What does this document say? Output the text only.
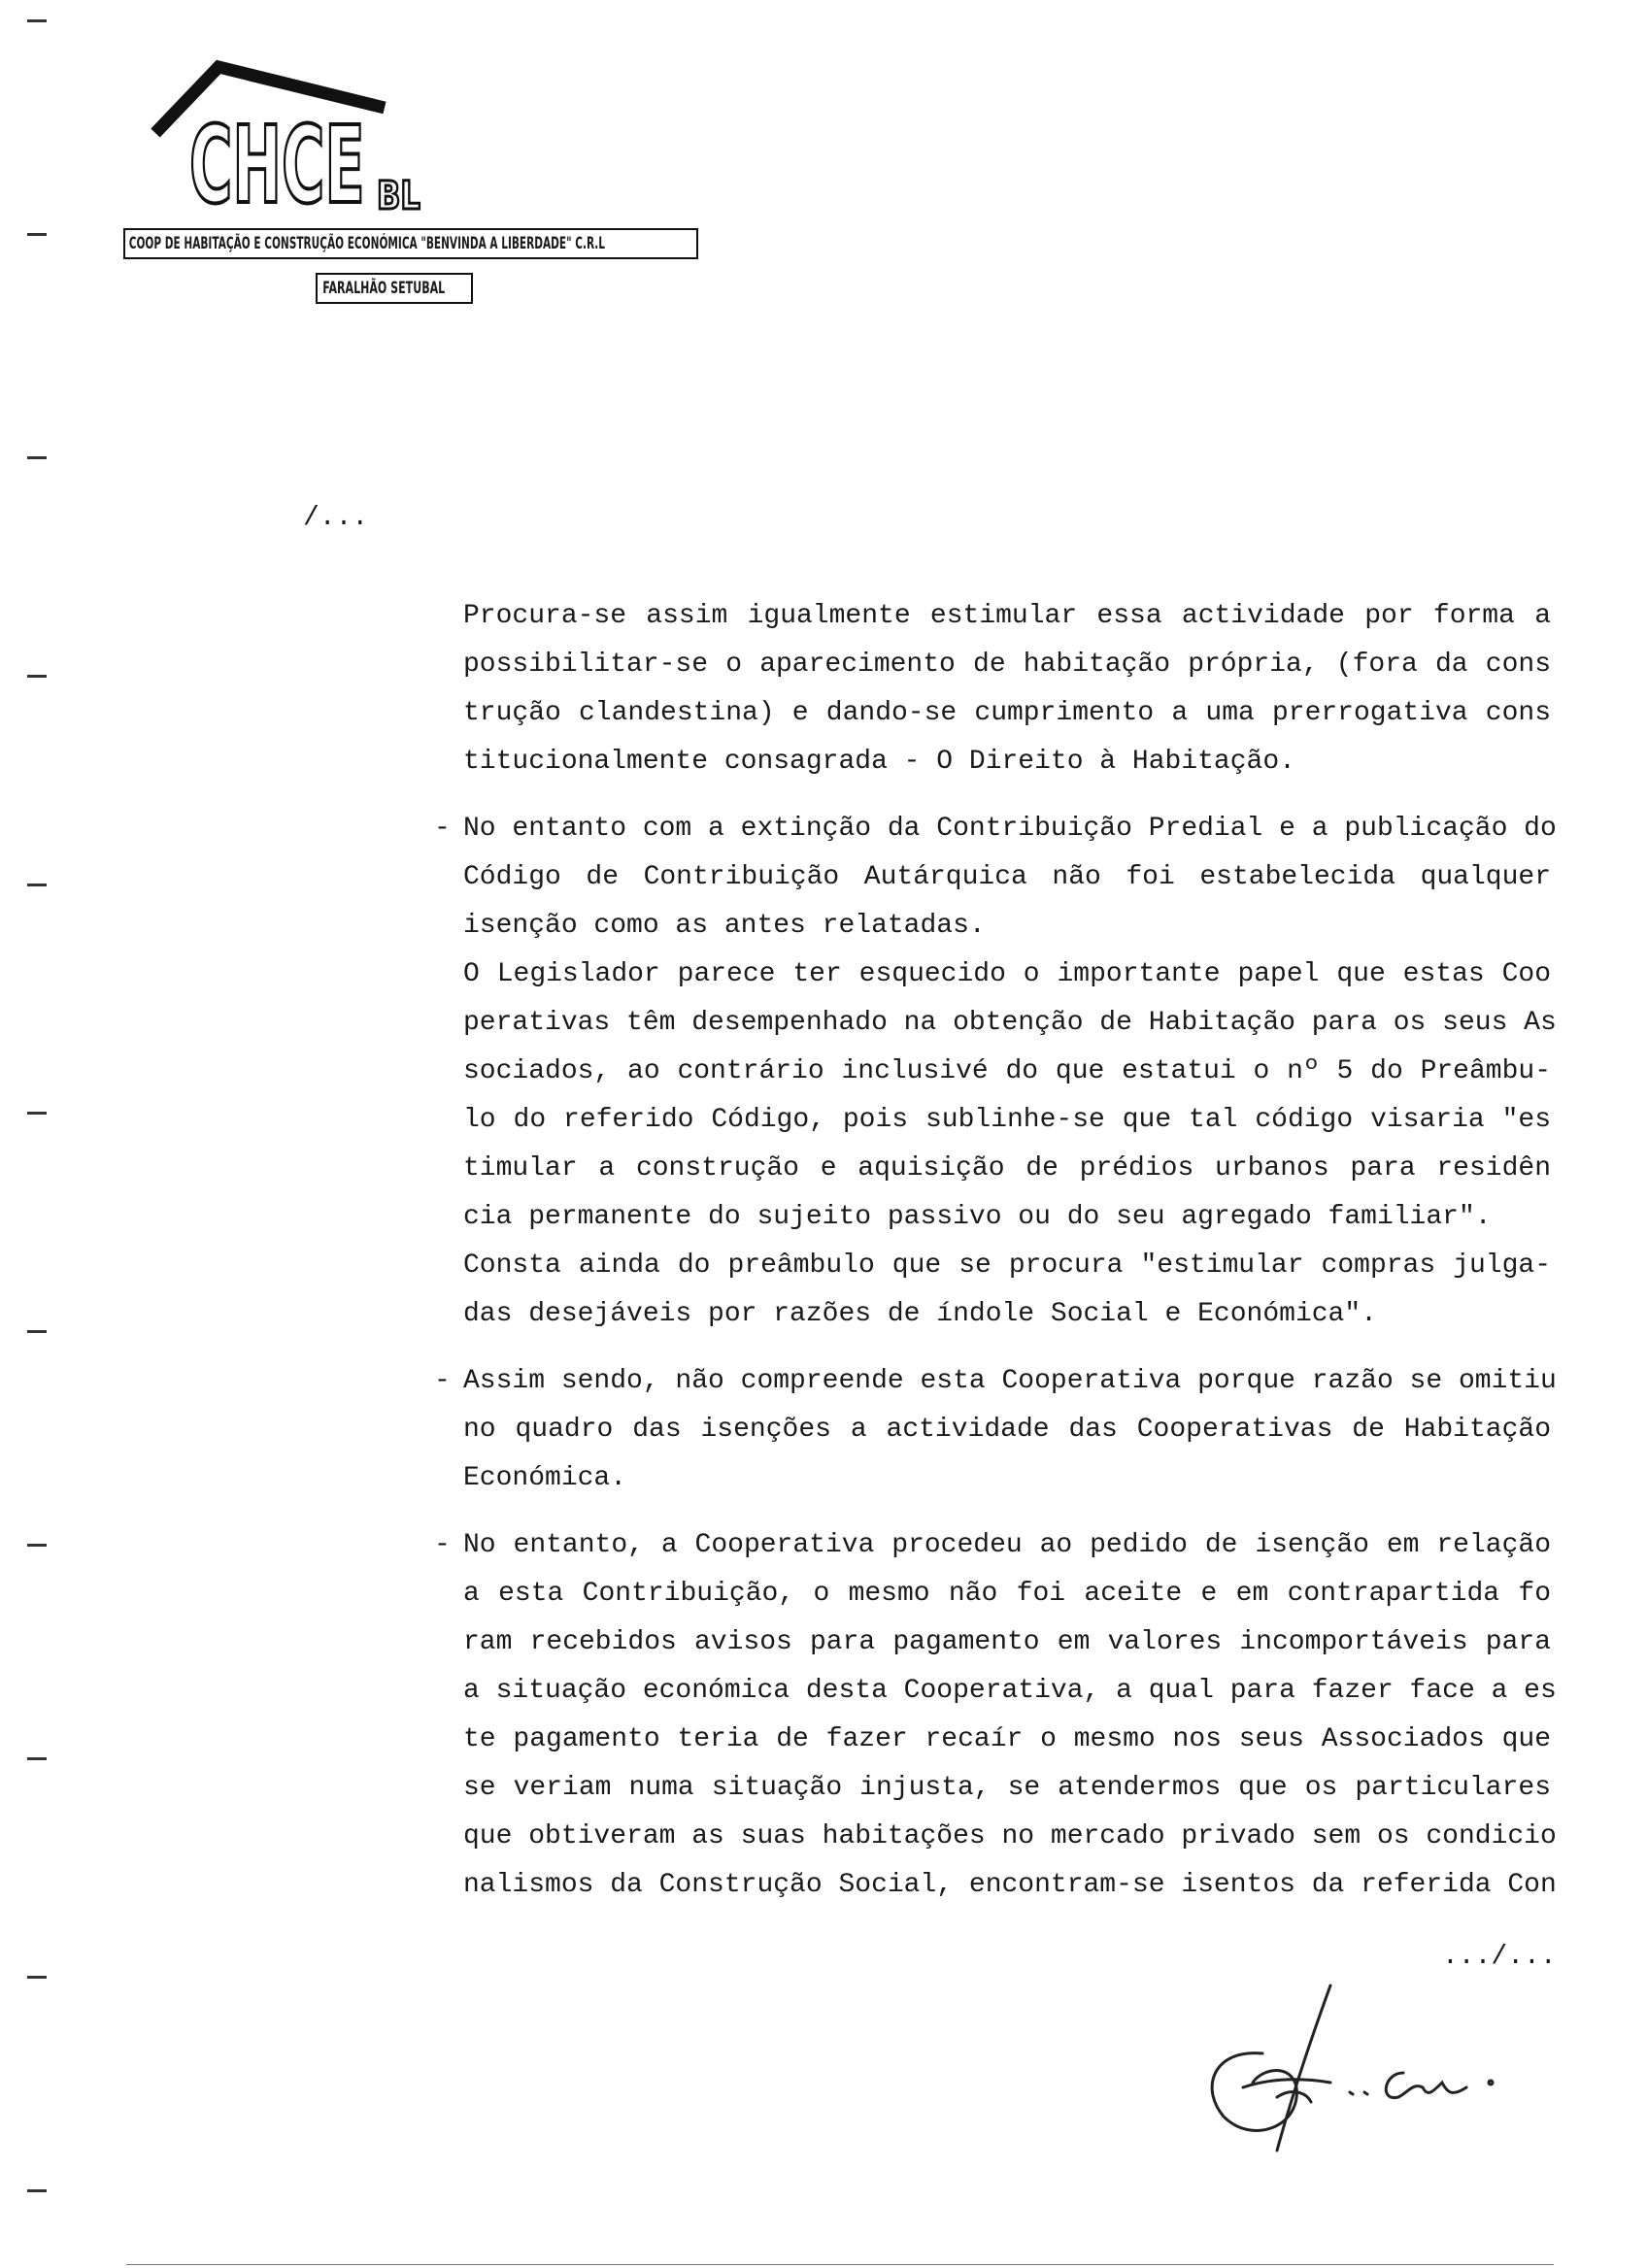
CHCE BL
COOP DE HABITAÇÃO E CONSTRUÇÃO ECONÓMICA "BENVINDA A LIBERDADE" C.R.L
FARALHÃO SETUBAL
/...
Procura-se assim igualmente estimular essa actividade por forma a
possibilitar-se o aparecimento de habitação própria, (fora da cons
trução clandestina) e dando-se cumprimento a uma prerrogativa cons
titucionalmente consagrada - O Direito à Habitação.
- No entanto com a extinção da Contribuição Predial e a publicação do
Código de Contribuição Autárquica não foi estabelecida qualquer
isenção como as antes relatadas.
O Legislador parece ter esquecido o importante papel que estas Coo
perativas têm desempenhado na obtenção de Habitação para os seus As
sociados, ao contrário inclusivé do que estatui o nº 5 do Preâmbu-
lo do referido Código, pois sublinhe-se que tal código visaria "es
timular a construção e aquisição de prédios urbanos para residên
cia permanente do sujeito passivo ou do seu agregado familiar".
Consta ainda do preâmbulo que se procura "estimular compras julga-
das desejáveis por razões de índole Social e Económica".
- Assim sendo, não compreende esta Cooperativa porque razão se omitiu
no quadro das isenções a actividade das Cooperativas de Habitação
Económica.
- No entanto, a Cooperativa procedeu ao pedido de isenção em relação
a esta Contribuição, o mesmo não foi aceite e em contrapartida fo
ram recebidos avisos para pagamento em valores incomportáveis para
a situação económica desta Cooperativa, a qual para fazer face a es
te pagamento teria de fazer recaír o mesmo nos seus Associados que
se veriam numa situação injusta, se atendermos que os particulares
que obtiveram as suas habitações no mercado privado sem os condicio
nalismos da Construção Social, encontram-se isentos da referida Con
.../...
